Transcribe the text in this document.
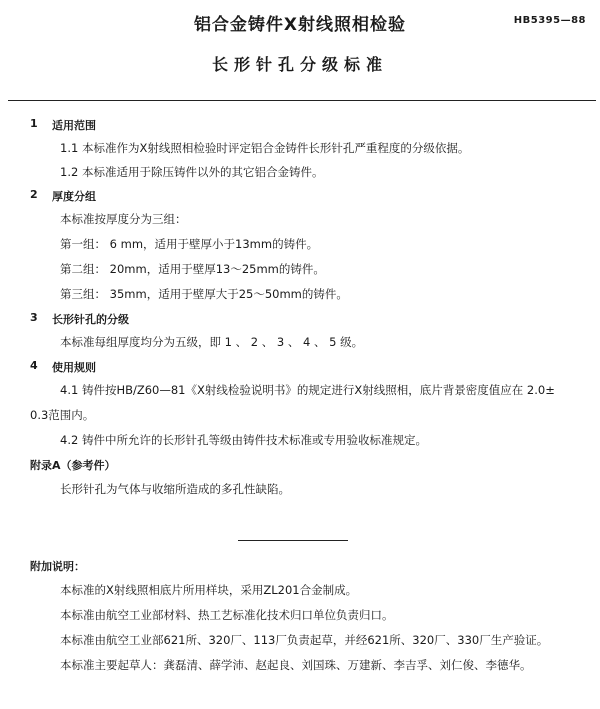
铝合金铸件X射线照相检验	HB5395—88
长形针孔分级标准
1 适用范围
1.1 本标准作为X射线照相检验时评定铝合金铸件长形针孔严重程度的分级依据。
1.2 本标准适用于除压铸件以外的其它铝合金铸件。
2 厚度分组
本标准按厚度分为三组：
第一组： 6 mm，适用于壁厚小于13mm的铸件。
第二组： 20mm，适用于壁厚13～25mm的铸件。
第三组： 35mm，适用于壁厚大于25～50mm的铸件。
3 长形针孔的分级
本标准每组厚度均分为五级，即 1 、 2 、 3 、 4 、 5 级。
4 使用规则
4.1 铸件按HB/Z60—81《X射线检验说明书》的规定进行X射线照相，底片背景密度值应在 2.0±
0.3范围内。
4.2 铸件中所允许的长形针孔等级由铸件技术标准或专用验收标准规定。
附录A（参考件）
长形针孔为气体与收缩所造成的多孔性缺陷。
附加说明：
本标准的X射线照相底片所用样块，采用ZL201合金制成。
本标准由航空工业部材料、热工艺标准化技术归口单位负责归口。
本标准由航空工业部621所、320厂、113厂负责起草，并经621所、320厂、330厂生产验证。
本标准主要起草人：龚磊清、薛学沛、赵起良、刘国珠、万建新、李吉孚、刘仁俊、李德华。
